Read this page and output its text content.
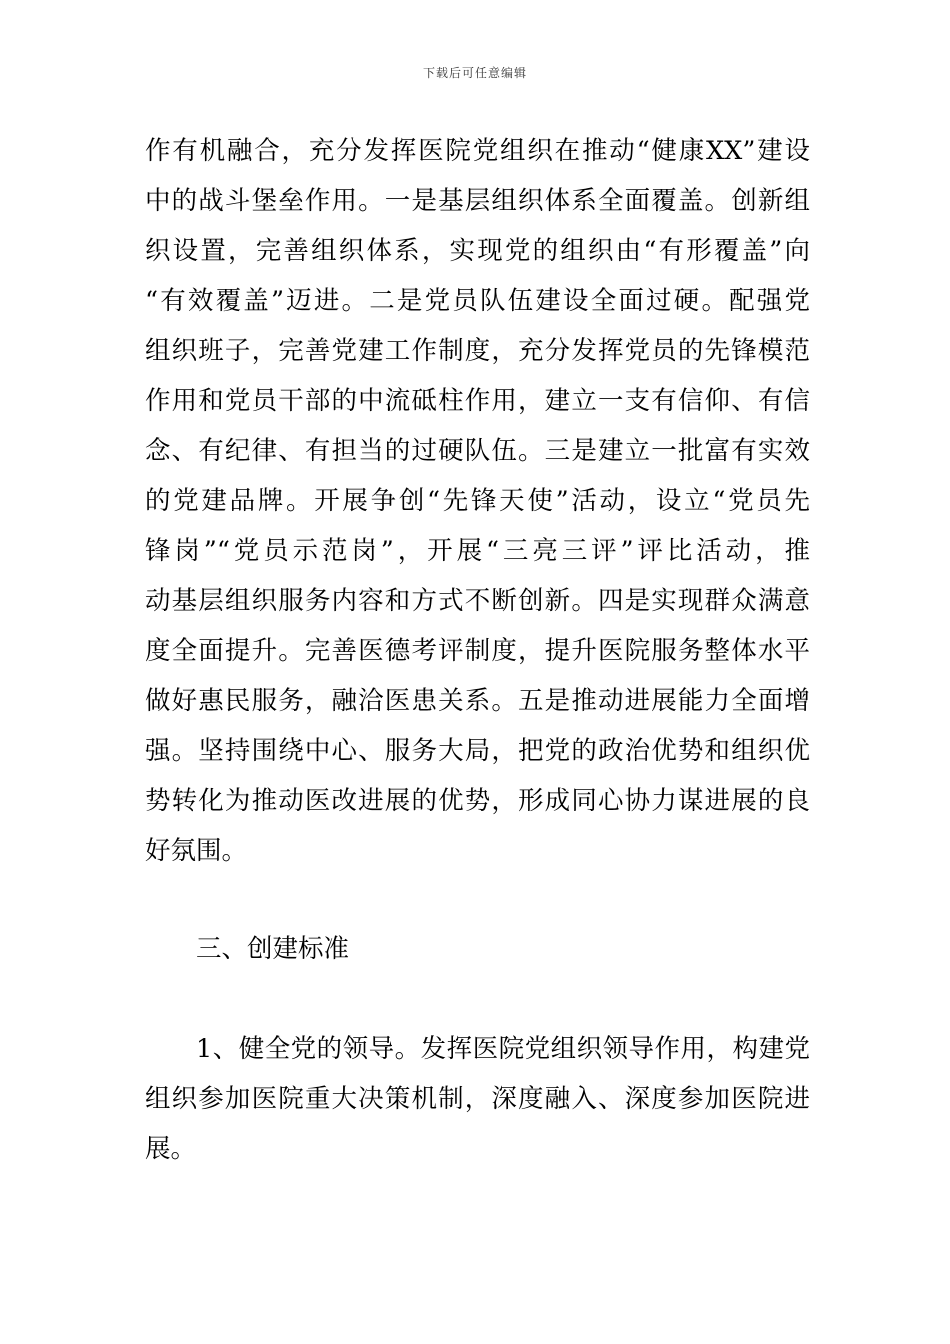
下载后可任意编辑
作有机融合，充分发挥医院党组织在推动“健康XX”建设
中的战斗堡垒作用。一是基层组织体系全面覆盖。创新组
织设置，完善组织体系，实现党的组织由“有形覆盖”向
“有效覆盖”迈进。二是党员队伍建设全面过硬。配强党
组织班子，完善党建工作制度，充分发挥党员的先锋模范
作用和党员干部的中流砥柱作用，建立一支有信仰、有信
念、有纪律、有担当的过硬队伍。三是建立一批富有实效
的党建品牌。开展争创“先锋天使”活动，设立“党员先
锋岗”“党员示范岗”，开展“三亮三评”评比活动，推
动基层组织服务内容和方式不断创新。四是实现群众满意
度全面提升。完善医德考评制度，提升医院服务整体水平
做好惠民服务，融洽医患关系。五是推动进展能力全面增
强。坚持围绕中心、服务大局，把党的政治优势和组织优
势转化为推动医改进展的优势，形成同心协力谋进展的良
好氛围。
三、创建标准
1、健全党的领导。发挥医院党组织领导作用，构建党
组织参加医院重大决策机制，深度融入、深度参加医院进
展。
